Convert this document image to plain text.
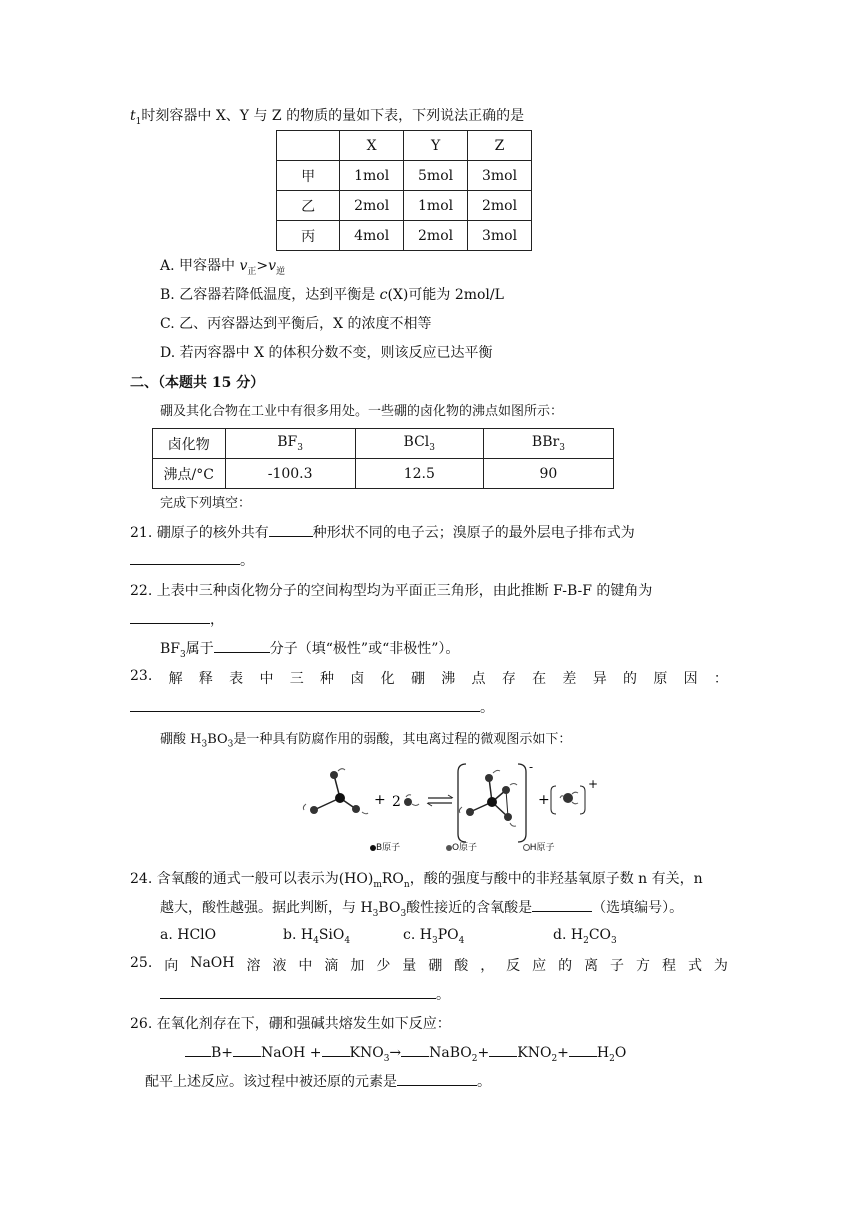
$t_1$时刻容器中 X、Y 与 Z 的物质的量如下表，下列说法正确的是
	X	Y	Z
甲	1mol	5mol	3mol
乙	2mol	1mol	2mol
丙	4mol	2mol	3mol
A. 甲容器中 $v_正>v_逆$
B. 乙容器若降低温度，达到平衡是 c(X)可能为 2mol/L
C. 乙、丙容器达到平衡后，X 的浓度不相等
D. 若丙容器中 X 的体积分数不变，则该反应已达平衡
二、（本题共 15 分）
硼及其化合物在工业中有很多用处。一些硼的卤化物的沸点如图所示：
卤化物	$BF_3$	BCl$_3$	BBr$_3$
沸点/°C	-100.3	12.5	90
完成下列填空：
21. 硼原子的核外共有	种形状不同的电子云；溴原子的最外层电子排布式为
。
22. 上表中三种卤化物分子的空间构型均为平面正三角形，由此推断 F-B-F 的键角为
，
$BF_3$属于	分子（填“极性”或“非极性”）。
23. 解 释 表 中 三 种 卤 化 硼 沸 点 存 在 差 异 的 原 因 ：
。
硼酸 $H_3BO_3$是一种具有防腐作用的弱酸，其电离过程的微观图示如下：
+ 2
-
+
+
B原子	O原子	H原子
24. 含氧酸的通式一般可以表示为$(HO)_mRO_n$，酸的强度与酸中的非羟基氧原子数 n 有关，n
越大，酸性越强。据此判断，与 $H_3BO_3$酸性接近的含氧酸是	（选填编号）。
a. HClO	b. $H_4SiO_4$	c. $H_3PO_4$	d. $H_2CO_3$
25. 向 NaOH 溶 液 中 滴 加 少 量 硼 酸 ， 反 应 的 离 子 方 程 式 为
。
26. 在氧化剂存在下，硼和强碱共熔发生如下反应：
B+ NaOH + $KNO_3\to$ NaBO$_2$+ $KNO_2+ H_2O$
配平上述反应。该过程中被还原的元素是	。
